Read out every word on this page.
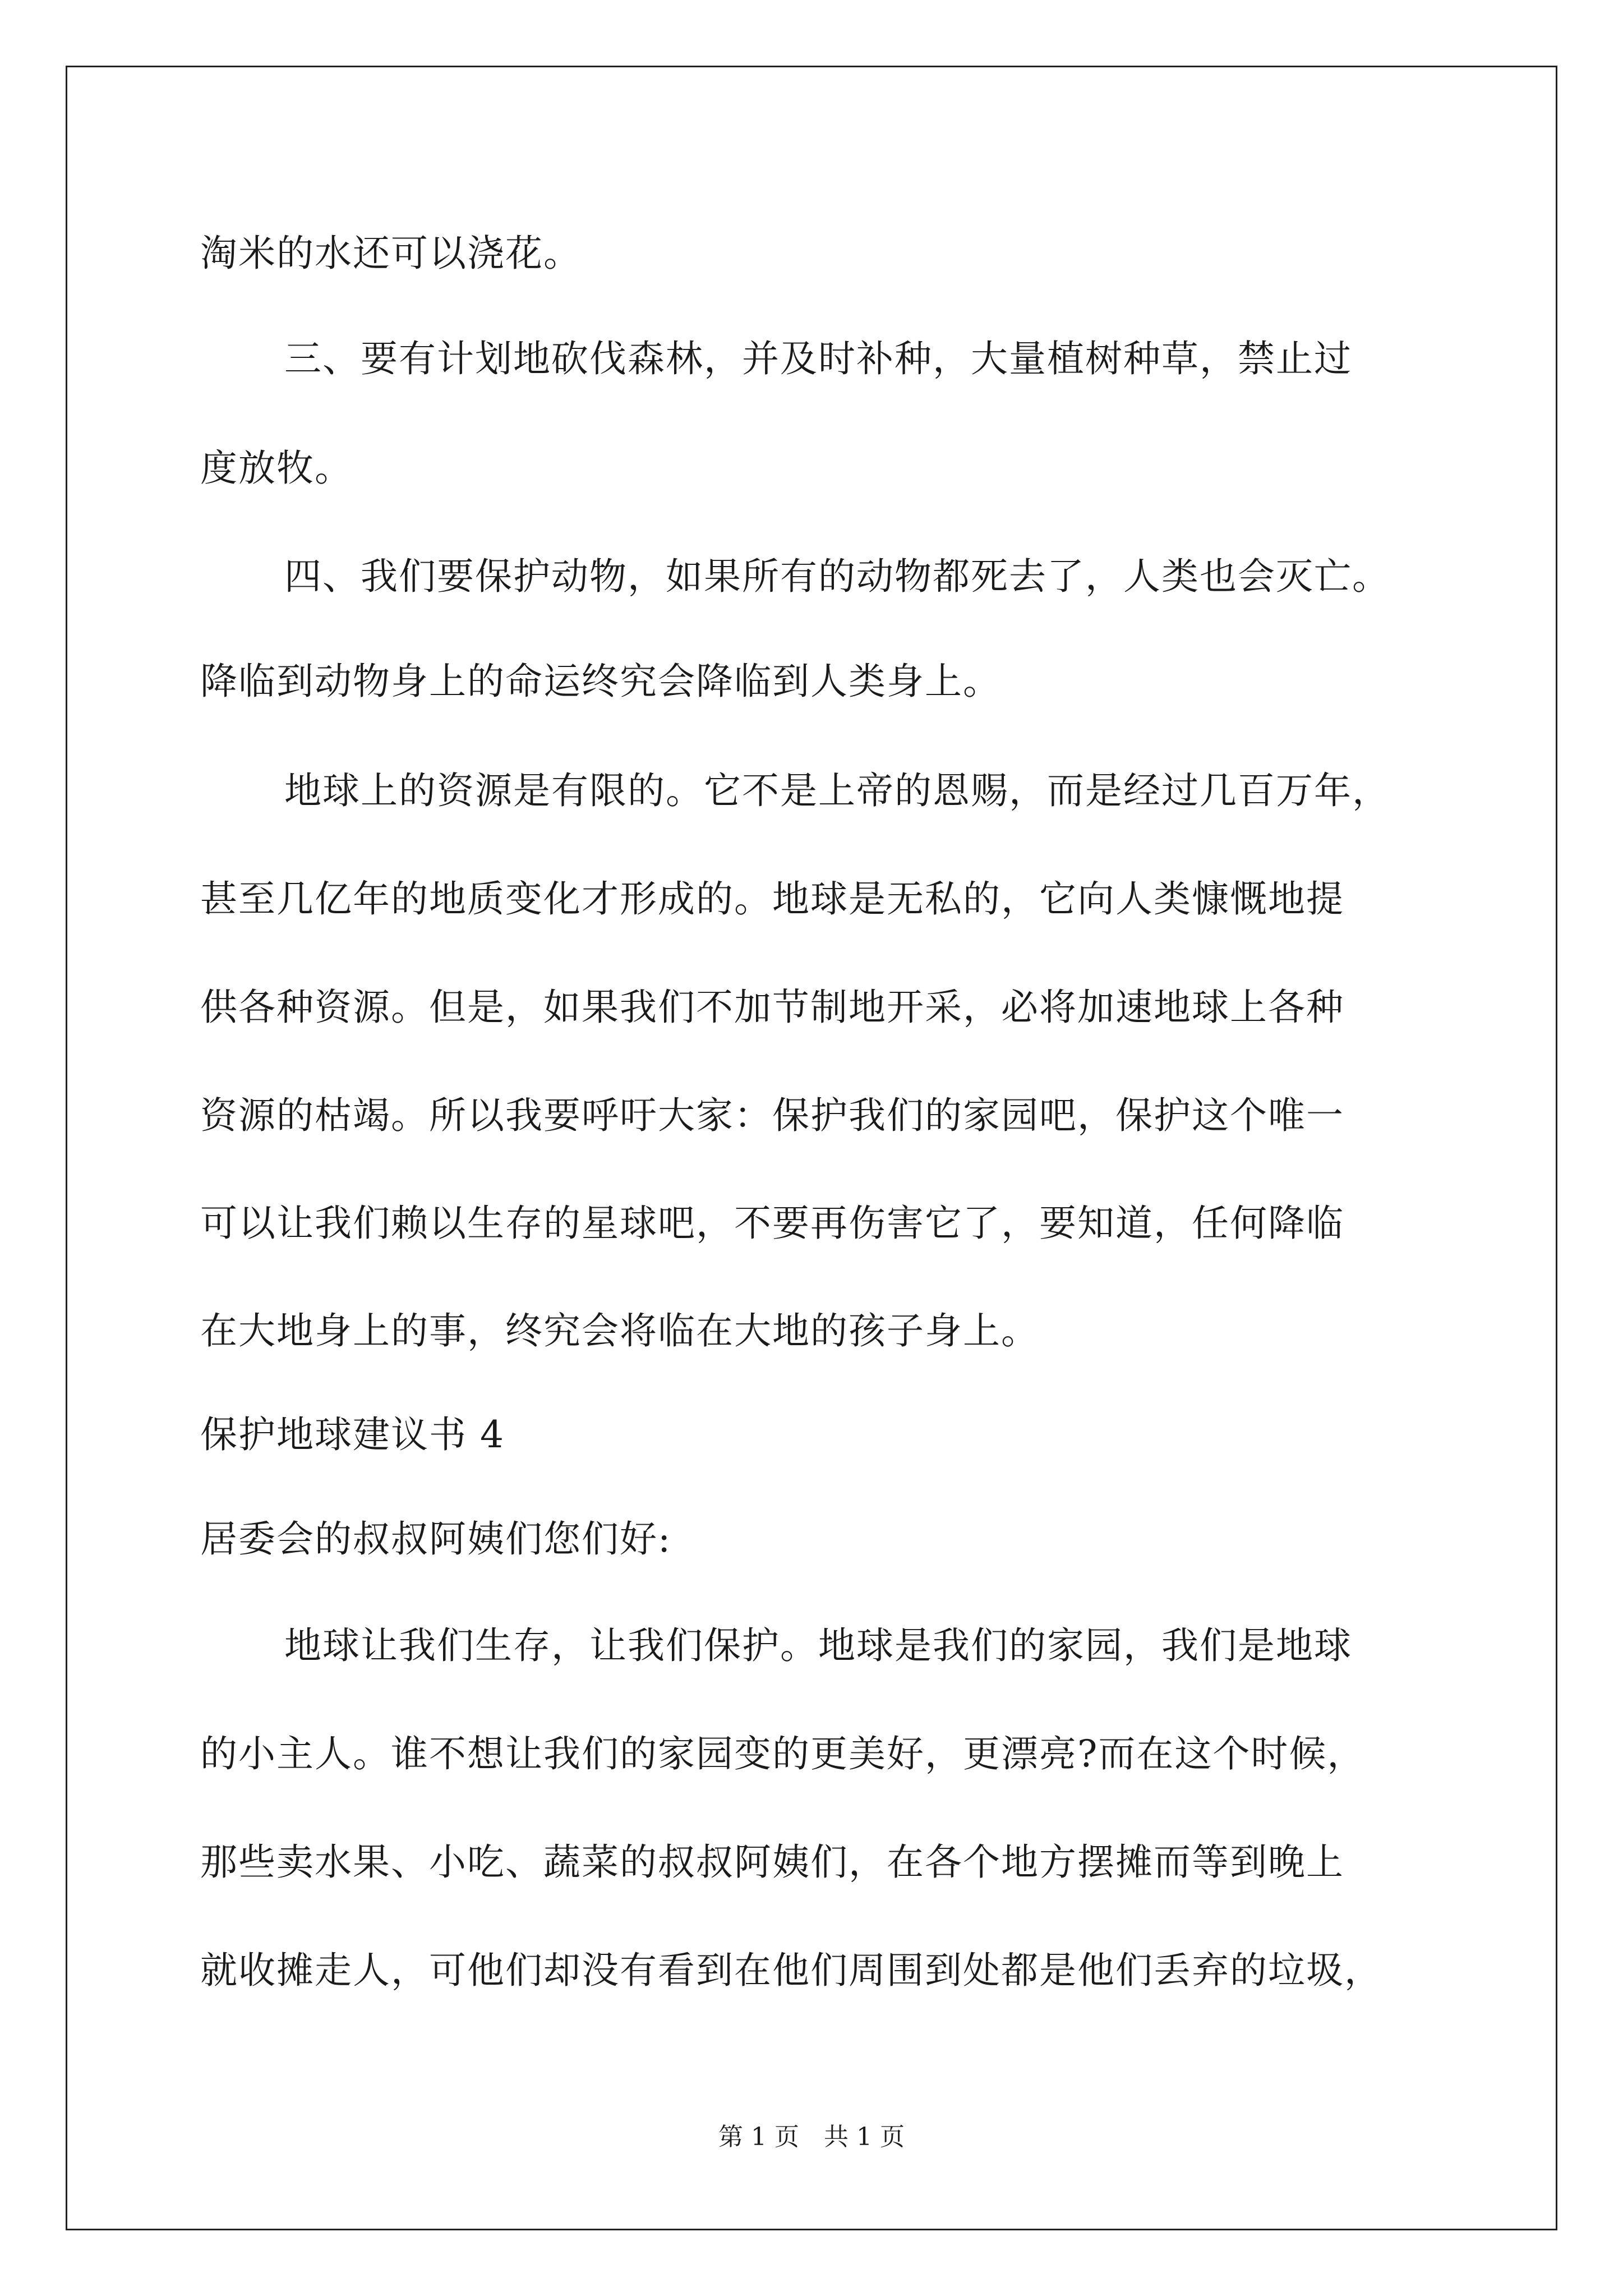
淘米的水还可以浇花。
三、要有计划地砍伐森林，并及时补种，大量植树种草，禁止过
度放牧。
四、我们要保护动物，如果所有的动物都死去了，人类也会灭亡。
降临到动物身上的命运终究会降临到人类身上。
地球上的资源是有限的。它不是上帝的恩赐，而是经过几百万年，
甚至几亿年的地质变化才形成的。地球是无私的，它向人类慷慨地提
供各种资源。但是，如果我们不加节制地开采，必将加速地球上各种
资源的枯竭。所以我要呼吁大家：保护我们的家园吧，保护这个唯一
可以让我们赖以生存的星球吧，不要再伤害它了，要知道，任何降临
在大地身上的事，终究会将临在大地的孩子身上。
保护地球建议书 4
居委会的叔叔阿姨们您们好:
地球让我们生存，让我们保护。地球是我们的家园，我们是地球
的小主人。谁不想让我们的家园变的更美好，更漂亮?而在这个时候，
那些卖水果、小吃、蔬菜的叔叔阿姨们，在各个地方摆摊而等到晚上
就收摊走人，可他们却没有看到在他们周围到处都是他们丢弃的垃圾，
第 1 页　共 1 页
